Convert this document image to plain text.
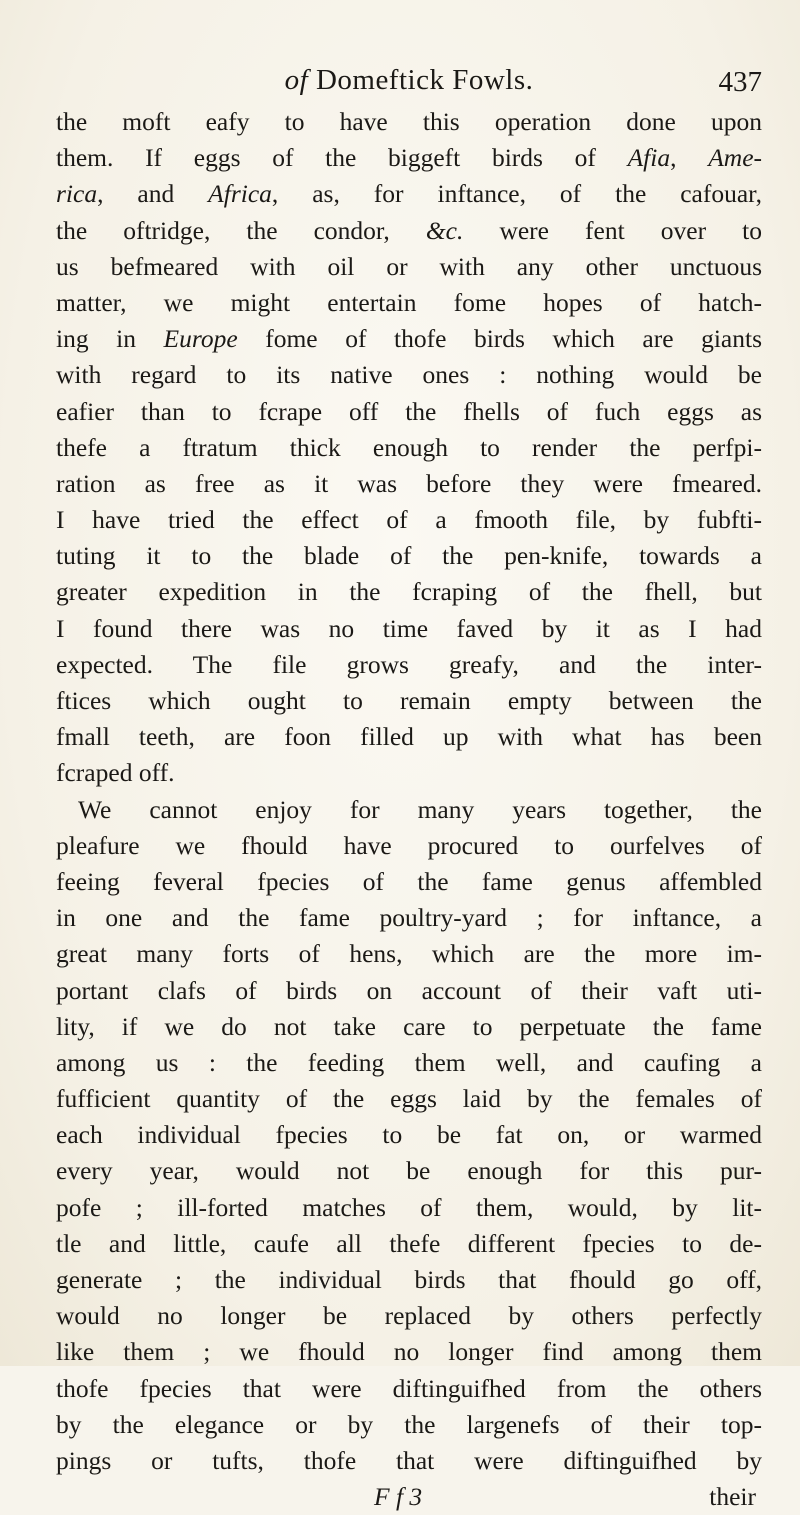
of Domeftick Fowls.	437
the moft eafy to have this operation done upon
them. If eggs of the biggeft birds of Afia, Ame-
rica, and Africa, as, for inftance, of the cafouar,
the oftridge, the condor, &c. were fent over to
us befmeared with oil or with any other unctuous
matter, we might entertain fome hopes of hatch-
ing in Europe fome of thofe birds which are giants
with regard to its native ones : nothing would be
eafier than to fcrape off the fhells of fuch eggs as
thefe a ftratum thick enough to render the perfpi-
ration as free as it was before they were fmeared.
I have tried the effect of a fmooth file, by fubfti-
tuting it to the blade of the pen-knife, towards a
greater expedition in the fcraping of the fhell, but
I found there was no time faved by it as I had
expected. The file grows greafy, and the inter-
ftices which ought to remain empty between the
fmall teeth, are foon filled up with what has been
fcraped off.
We cannot enjoy for many years together, the
pleafure we fhould have procured to ourfelves of
feeing feveral fpecies of the fame genus affembled
in one and the fame poultry-yard ; for inftance, a
great many forts of hens, which are the more im-
portant clafs of birds on account of their vaft uti-
lity, if we do not take care to perpetuate the fame
among us : the feeding them well, and caufing a
fufficient quantity of the eggs laid by the females of
each individual fpecies to be fat on, or warmed
every year, would not be enough for this pur-
pofe ; ill-forted matches of them, would, by lit-
tle and little, caufe all thefe different fpecies to de-
generate ; the individual birds that fhould go off,
would no longer be replaced by others perfectly
like them ; we fhould no longer find among them
thofe fpecies that were diftinguifhed from the others
by the elegance or by the largenefs of their top-
pings or tufts, thofe that were diftinguifhed by
F f 3	their
